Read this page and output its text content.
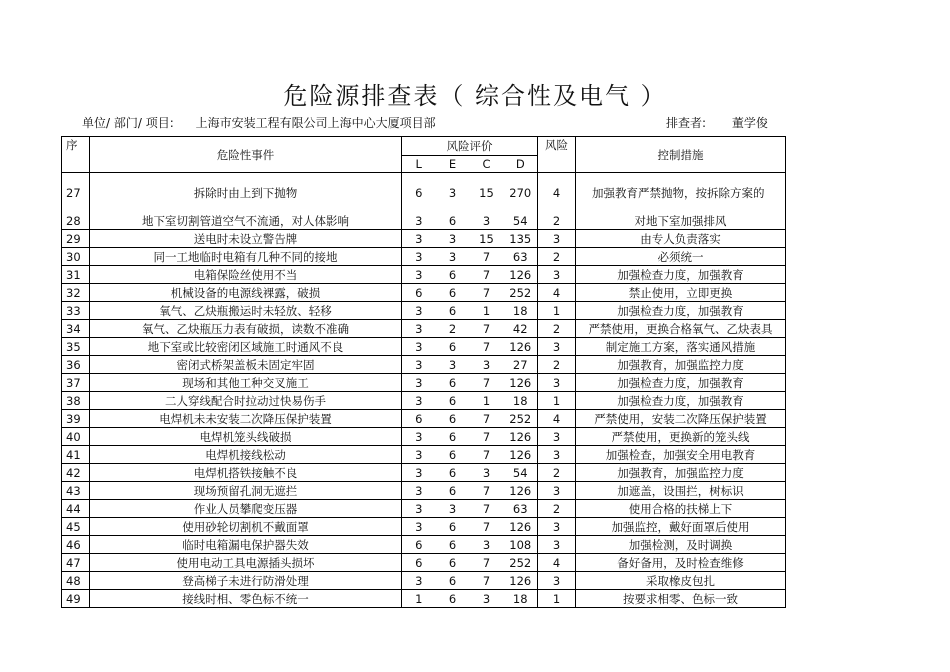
危险源排查表（ 综合性及电气 ）
单位/ 部门/ 项目: 上海市安装工程有限公司上海中心大厦项目部	排查者: 董学俊
序	危险性事件	风险评价				风险	控制措施
		L	E	C	D		
27	拆除时由上到下抛物	6	3	15	270	4	加强教育严禁抛物，按拆除方案的
28	地下室切割管道空气不流通，对人体影响	3	6	3	54	2	对地下室加强排风
29	送电时未设立警告牌	3	3	15	135	3	由专人负责落实
30	同一工地临时电箱有几种不同的接地	3	3	7	63	2	必须统一
31	电箱保险丝使用不当	3	6	7	126	3	加强检查力度，加强教育
32	机械设备的电源线裸露，破损	6	6	7	252	4	禁止使用，立即更换
33	氧气、乙炔瓶搬运时未轻放、轻移	3	6	1	18	1	加强检查力度，加强教育
34	氧气、乙炔瓶压力表有破损，读数不准确	3	2	7	42	2	严禁使用，更换合格氧气、乙炔表具
35	地下室或比较密闭区域施工时通风不良	3	6	7	126	3	制定施工方案，落实通风措施
36	密闭式桥架盖板未固定牢固	3	3	3	27	2	加强教育，加强监控力度
37	现场和其他工种交叉施工	3	6	7	126	3	加强检查力度，加强教育
38	二人穿线配合时拉动过快易伤手	3	6	1	18	1	加强检查力度，加强教育
39	电焊机未未安装二次降压保护装置	6	6	7	252	4	严禁使用，安装二次降压保护装置
40	电焊机笼头线破损	3	6	7	126	3	严禁使用，更换新的笼头线
41	电焊机接线松动	3	6	7	126	3	加强检查，加强安全用电教育
42	电焊机搭铁接触不良	3	6	3	54	2	加强教育，加强监控力度
43	现场预留孔洞无遮拦	3	6	7	126	3	加遮盖，设围拦，树标识
44	作业人员攀爬变压器	3	3	7	63	2	使用合格的扶梯上下
45	使用砂轮切割机不戴面罩	3	6	7	126	3	加强监控，戴好面罩后使用
46	临时电箱漏电保护器失效	6	6	3	108	3	加强检测，及时调换
47	使用电动工具电源插头损坏	6	6	7	252	4	备好备用，及时检查维修
48	登高梯子未进行防滑处理	3	6	7	126	3	采取橡皮包扎
49	接线时相、零色标不统一	1	6	3	18	1	按要求相零、色标一致
